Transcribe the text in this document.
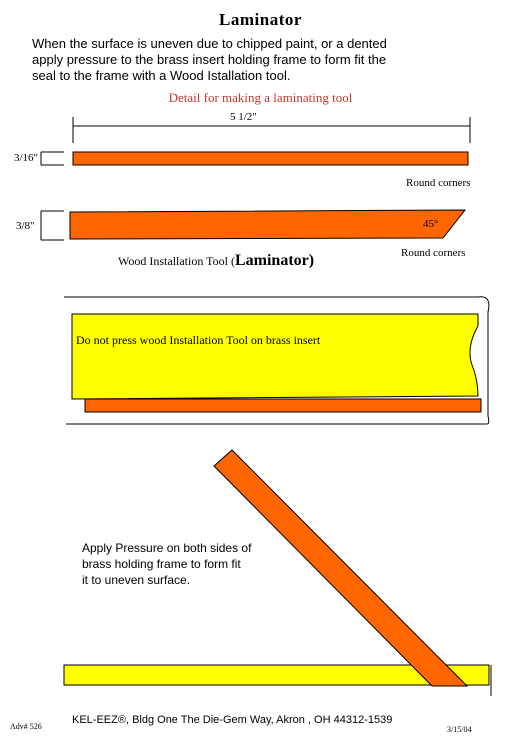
Laminator
When the surface is uneven due to chipped paint, or a dented
apply pressure to the brass insert holding frame to form fit the
seal to the frame with a Wood Istallation tool.
Detail for making a laminating tool
5 1/2"
3/16"
3/8"
Round corners
45°
Round corners
Wood Installation Tool (Laminator)
Do not press wood Installation Tool on brass insert
Apply Pressure on both sides of
brass holding frame to form fit
it to uneven surface.
Adv# 526
KEL-EEZ®, Bldg One The Die-Gem Way, Akron , OH 44312-1539
3/15/04
